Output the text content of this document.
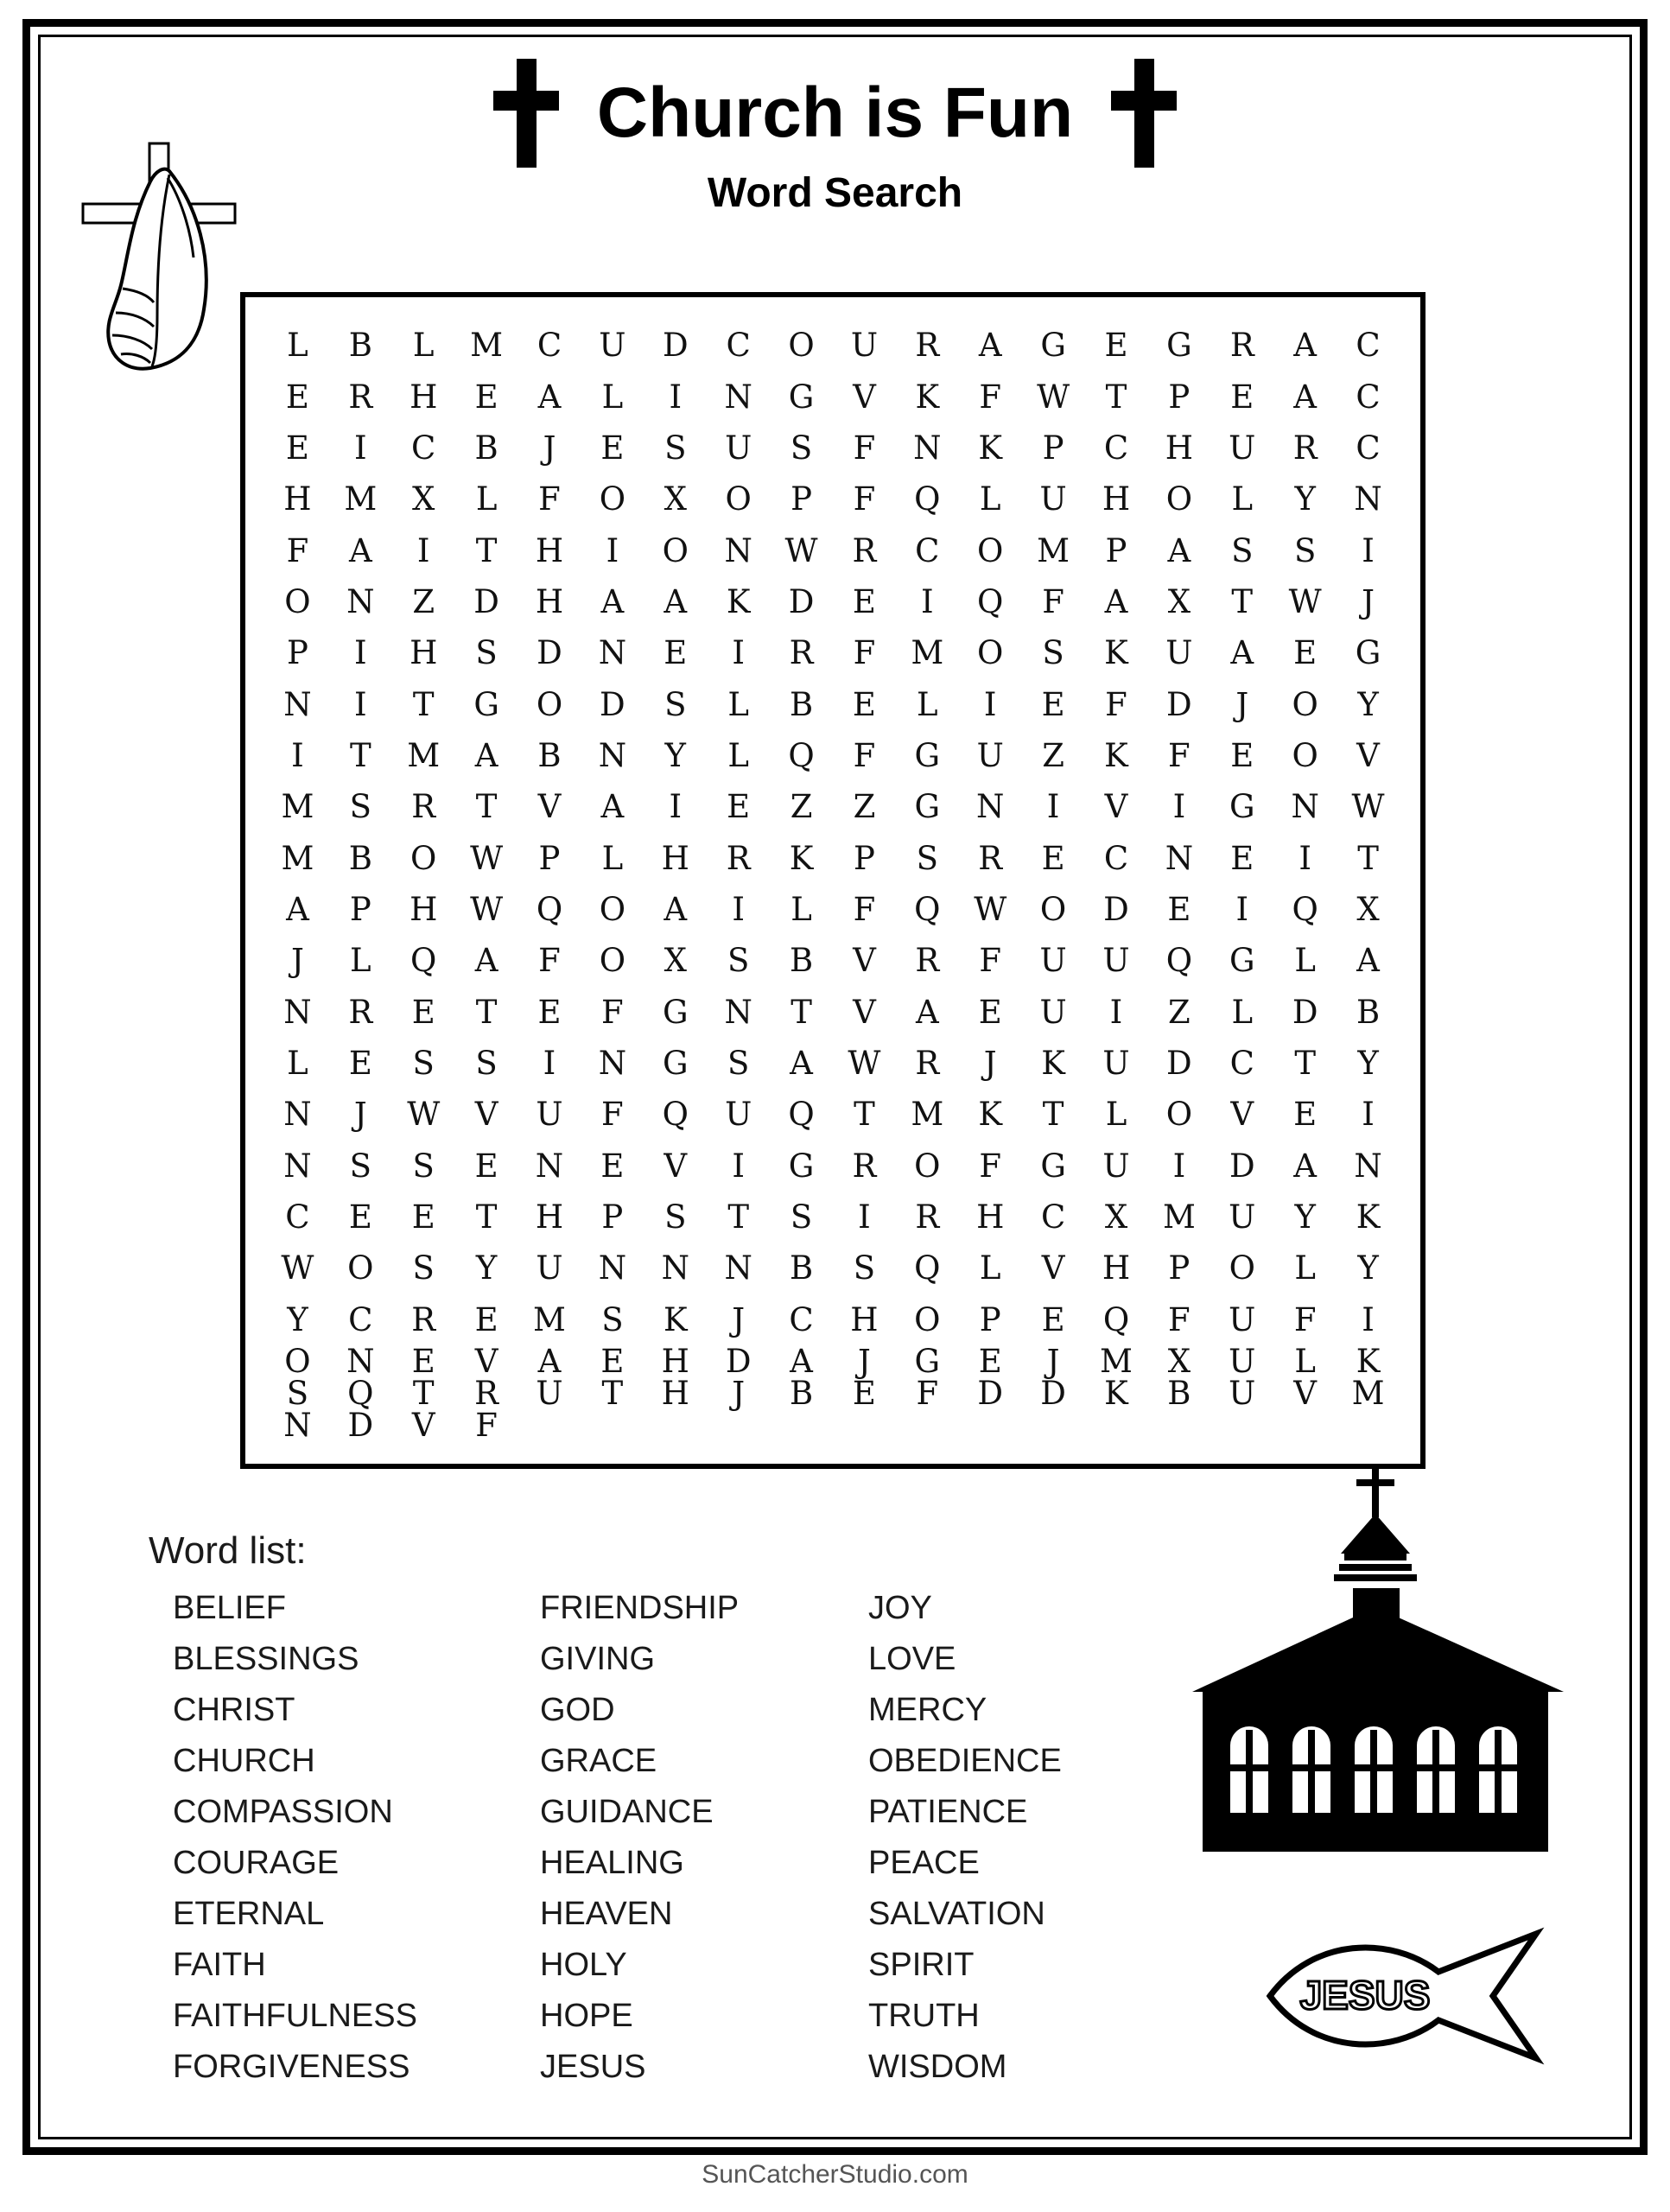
Church is Fun
Word Search
L B L M C U D C O U R A G E G R A C
E R H E A L I N G V K F W T P E A C
E I C B J E S U S F N K P C H U R C
H M X L F O X O P F Q L U H O L Y N
F A I T H I O N W R C O M P A S S I
O N Z D H A A K D E I Q F A X T W J
P I H S D N E I R F M O S K U A E G
N I T G O D S L B E L I E F D J O Y
I T M A B N Y L Q F G U Z K F E O V
M S R T V A I E Z Z G N I V I G N W
M B O W P L H R K P S R E C N E I T
A P H W Q O A I L F Q W O D E I Q X
J L Q A F O X S B V R F U U Q G L A
N R E T E F G N T V A E U I Z L D B
L E S S I N G S A W R J K U D C T Y
N J W V U F Q U Q T M K T L O V E I
N S S E N E V I G R O F G U I D A N
C E E T H P S T S I R H C X M U Y K
W O S Y U N N N B S Q L V H P O L Y
Y C R E M S K J C H O P E Q F U F I
O N E V A E H D A J G E J M X U L K
S Q T R U T H J B E F D D K B U V M
N D V F
Word list:
BELIEF	FRIENDSHIP	JOY
BLESSINGS	GIVING	LOVE
CHRIST	GOD	MERCY
CHURCH	GRACE	OBEDIENCE
COMPASSION	GUIDANCE	PATIENCE
COURAGE	HEALING	PEACE
ETERNAL	HEAVEN	SALVATION
FAITH	HOLY	SPIRIT
FAITHFULNESS	HOPE	TRUTH
FORGIVENESS	JESUS	WISDOM
JESUS
SunCatcherStudio.com
